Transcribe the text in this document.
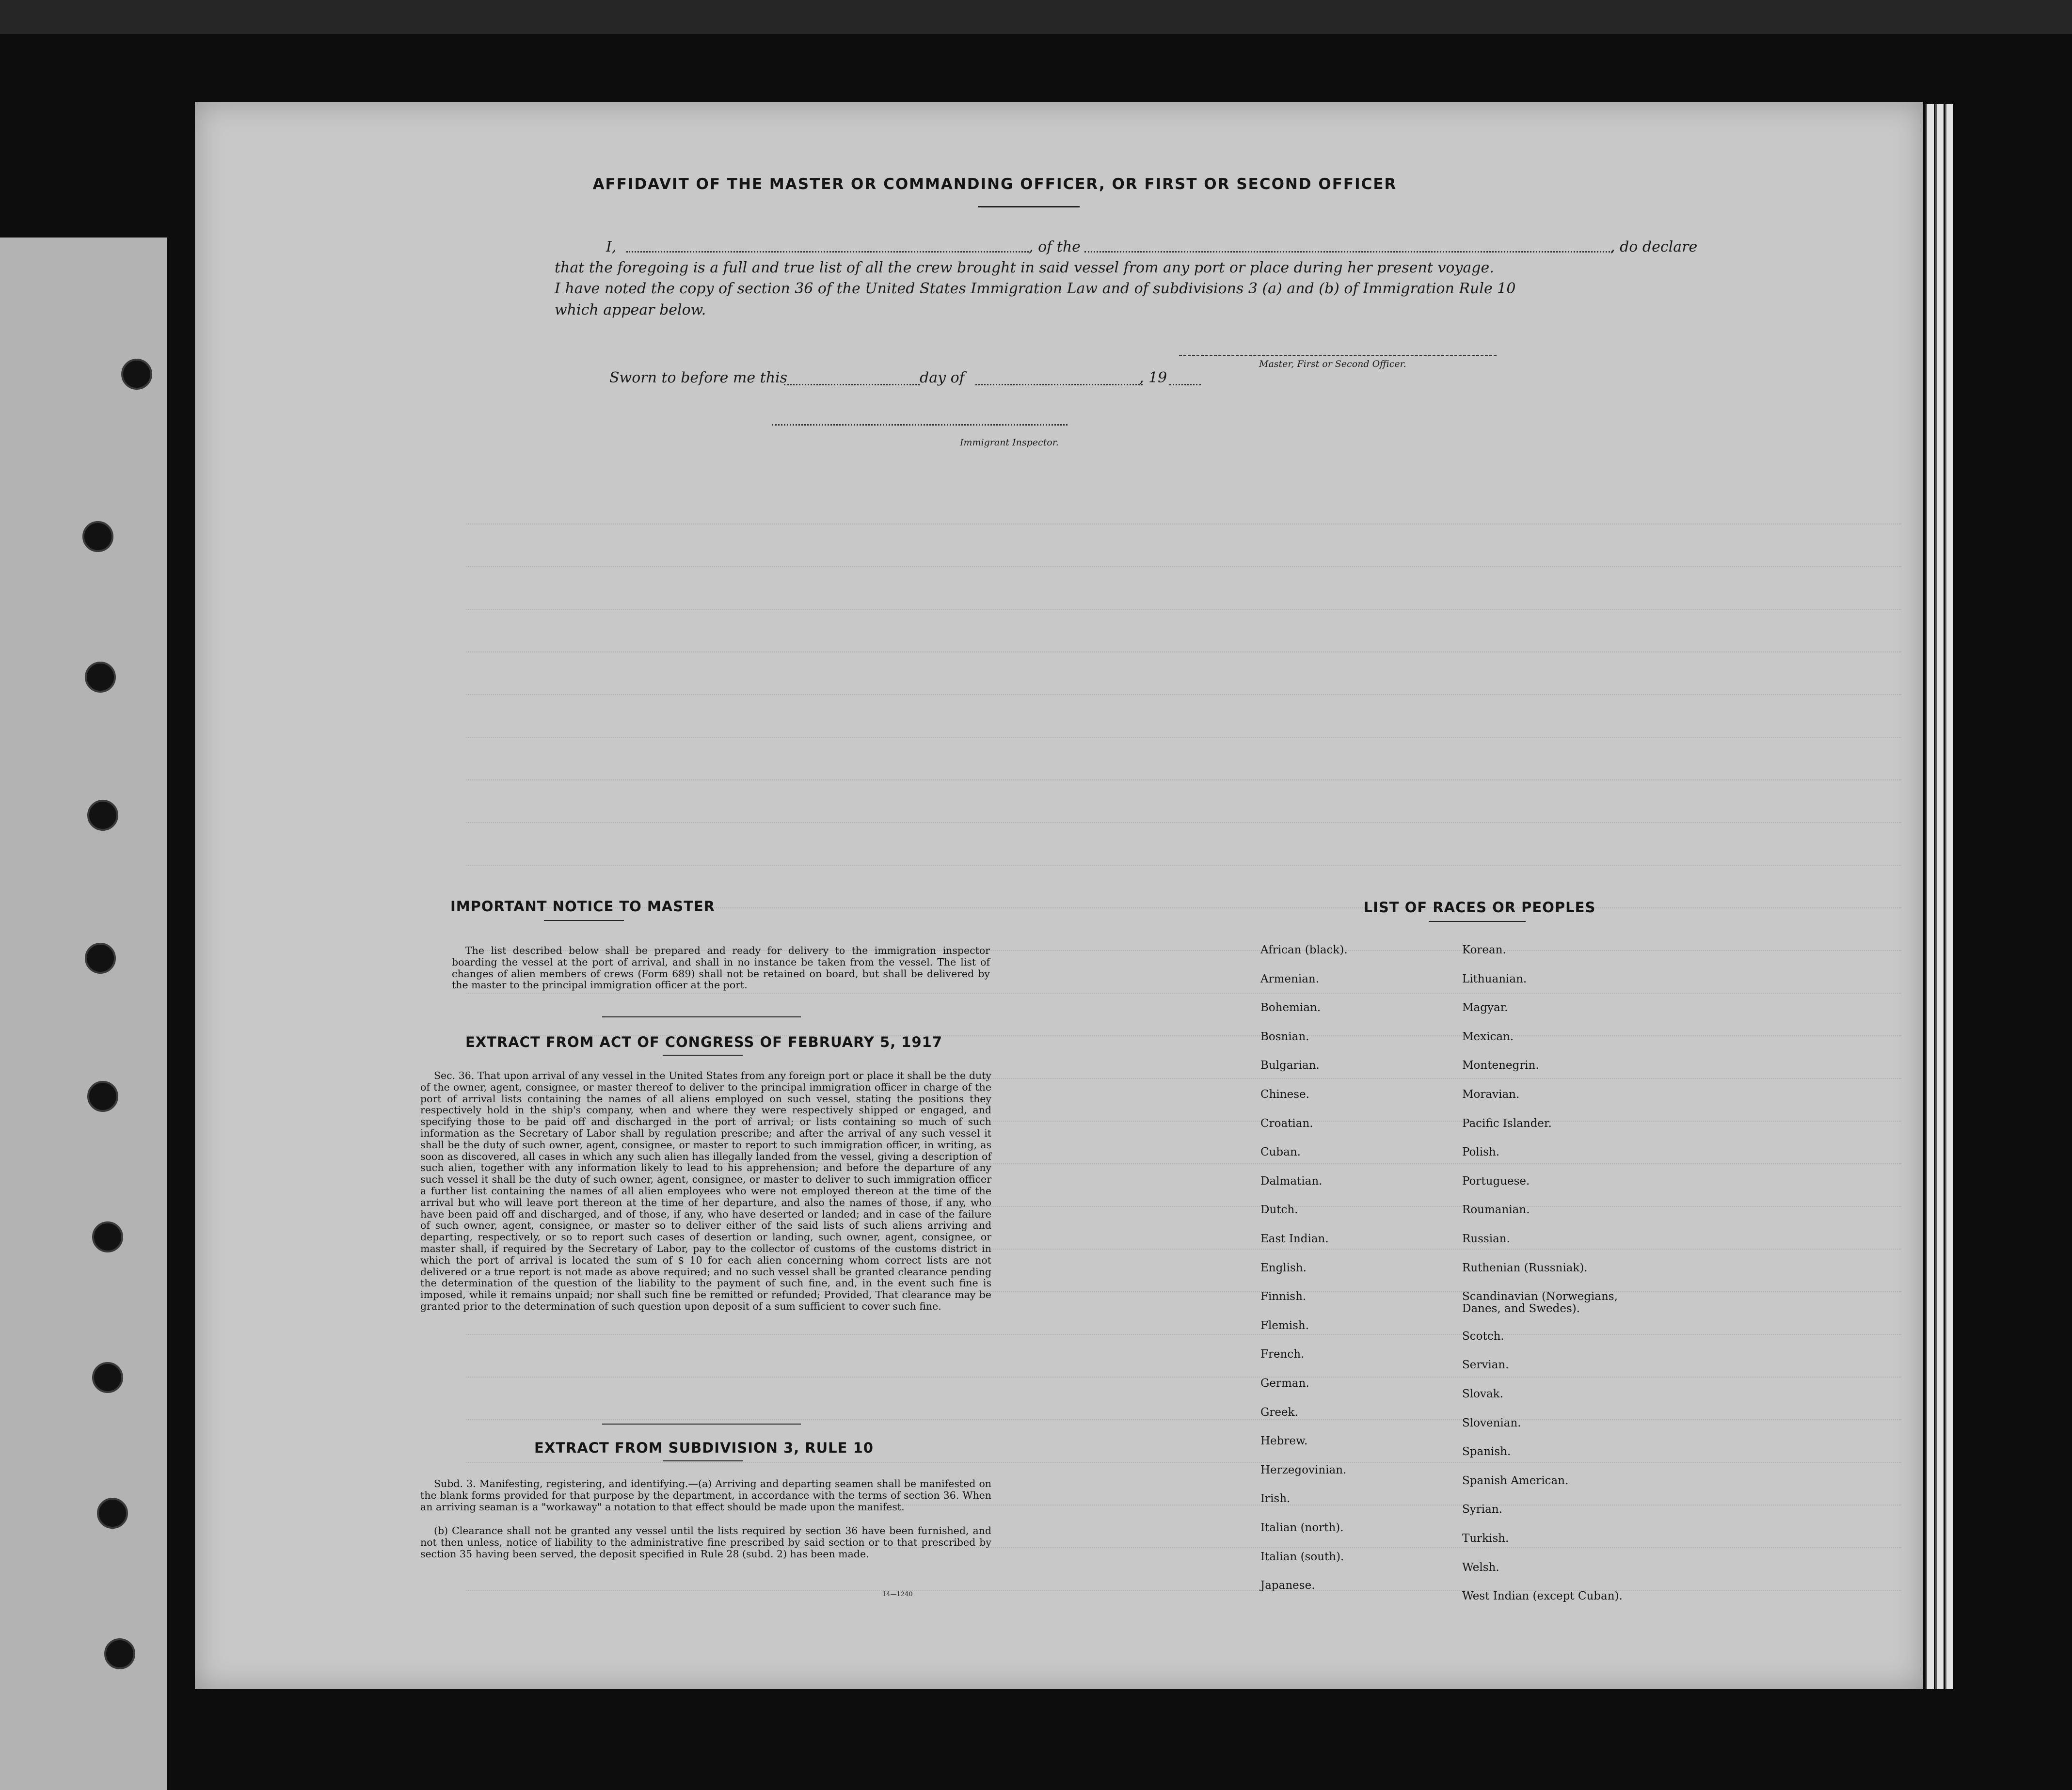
AFFIDAVIT OF THE MASTER OR COMMANDING OFFICER, OR FIRST OR SECOND OFFICER
I,	, of the	, do declare
that the foregoing is a full and true list of all the crew brought in said vessel from any port or place during her present voyage.
I have noted the copy of section 36 of the United States Immigration Law and of subdivisions 3 (a) and (b) of Immigration Rule 10
which appear below.
Master, First or Second Officer.
Sworn to before me this	day of	, 19
Immigrant Inspector.
IMPORTANT NOTICE TO MASTER
The list described below shall be prepared and ready for delivery to the immigration inspector boarding the vessel at the port of arrival, and shall in no instance be taken from the vessel. The list of changes of alien members of crews (Form 689) shall not be retained on board, but shall be delivered by the master to the principal immigration officer at the port.
EXTRACT FROM ACT OF CONGRESS OF FEBRUARY 5, 1917
Sec. 36. That upon arrival of any vessel in the United States from any foreign port or place it shall be the duty of the owner, agent, consignee, or master thereof to deliver to the principal immigration officer in charge of the port of arrival lists containing the names of all aliens employed on such vessel, stating the positions they respectively hold in the ship's company, when and where they were respectively shipped or engaged, and specifying those to be paid off and discharged in the port of arrival; or lists containing so much of such information as the Secretary of Labor shall by regulation prescribe; and after the arrival of any such vessel it shall be the duty of such owner, agent, consignee, or master to report to such immigration officer, in writing, as soon as discovered, all cases in which any such alien has illegally landed from the vessel, giving a description of such alien, together with any information likely to lead to his apprehension; and before the departure of any such vessel it shall be the duty of such owner, agent, consignee, or master to deliver to such immigration officer a further list containing the names of all alien employees who were not employed thereon at the time of the arrival but who will leave port thereon at the time of her departure, and also the names of those, if any, who have been paid off and discharged, and of those, if any, who have deserted or landed; and in case of the failure of such owner, agent, consignee, or master so to deliver either of the said lists of such aliens arriving and departing, respectively, or so to report such cases of desertion or landing, such owner, agent, consignee, or master shall, if required by the Secretary of Labor, pay to the collector of customs of the customs district in which the port of arrival is located the sum of $ 10 for each alien concerning whom correct lists are not delivered or a true report is not made as above required; and no such vessel shall be granted clearance pending the determination of the question of the liability to the payment of such fine, and, in the event such fine is imposed, while it remains unpaid; nor shall such fine be remitted or refunded; Provided, That clearance may be granted prior to the determination of such question upon deposit of a sum sufficient to cover such fine.
EXTRACT FROM SUBDIVISION 3, RULE 10
Subd. 3. Manifesting, registering, and identifying.—(a) Arriving and departing seamen shall be manifested on the blank forms provided for that purpose by the department, in accordance with the terms of section 36. When an arriving seaman is a "workaway" a notation to that effect should be made upon the manifest.
(b) Clearance shall not be granted any vessel until the lists required by section 36 have been furnished, and not then unless, notice of liability to the administrative fine prescribed by said section or to that prescribed by section 35 having been served, the deposit specified in Rule 28 (subd. 2) has been made.
14—1240
LIST OF RACES OR PEOPLES
African (black).
Armenian.
Bohemian.
Bosnian.
Bulgarian.
Chinese.
Croatian.
Cuban.
Dalmatian.
Dutch.
East Indian.
English.
Finnish.
Flemish.
French.
German.
Greek.
Hebrew.
Herzegovinian.
Irish.
Italian (north).
Italian (south).
Japanese.
Korean.
Lithuanian.
Magyar.
Mexican.
Montenegrin.
Moravian.
Pacific Islander.
Polish.
Portuguese.
Roumanian.
Russian.
Ruthenian (Russniak).
Scandinavian (Norwegians, Danes, and Swedes).
Scotch.
Servian.
Slovak.
Slovenian.
Spanish.
Spanish American.
Syrian.
Turkish.
Welsh.
West Indian (except Cuban).
